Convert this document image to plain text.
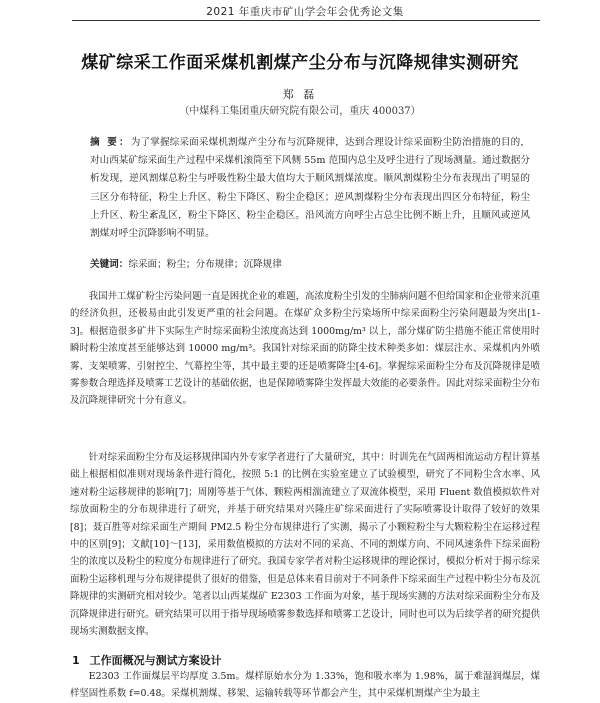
2021 年重庆市矿山学会年会优秀论文集
煤矿综采工作面采煤机割煤产尘分布与沉降规律实测研究
郑 磊
（中煤科工集团重庆研究院有限公司，重庆 400037）
摘 要：为了掌握综采面采煤机割煤产尘分布与沉降规律，达到合理设计综采面粉尘防治措施的目的，对山西某矿综采面生产过程中采煤机滚筒至下风侧 55m 范围内总尘及呼尘进行了现场测量。通过数据分析发现，逆风割煤总粉尘与呼吸性粉尘最大值均大于顺风割煤浓度。顺风割煤粉尘分布表现出了明显的三区分布特征，粉尘上升区、粉尘下降区、粉尘企稳区；逆风割煤粉尘分布表现出四区分布特征，粉尘上升区、粉尘紊乱区，粉尘下降区、粉尘企稳区。沿风流方向呼尘占总尘比例不断上升，且顺风或逆风割煤对呼尘沉降影响不明显。
关键词：综采面；粉尘；分布规律；沉降规律
我国井工煤矿粉尘污染问题一直是困扰企业的难题，高浓度粉尘引发的尘肺病问题不但给国家和企业带来沉重的经济负担，还极易由此引发更严重的社会问题。在煤矿众多粉尘污染场所中综采面粉尘污染问题最为突出[1-3]。根据造很多矿井下实际生产时综采面粉尘浓度高达到 1000mg/m³ 以上，部分煤矿防尘措施不能正常使用时瞬时粉尘浓度甚至能够达到 10000 mg/m³。我国针对综采面的防降尘技术种类多如：煤层注水、采煤机内外喷雾、支架喷雾、引射控尘、气幕控尘等，其中最主要的还是喷雾降尘[4-6]。掌握综采面粉尘分布及沉降规律是喷雾参数合理选择及喷雾工艺设计的基础依据，也是保障喷雾降尘发挥最大效能的必要条件。因此对综采面粉尘分布及沉降规律研究十分有意义。
针对综采面粉尘分布及运移规律国内外专家学者进行了大量研究，其中：时训先在气固两相流运动方程计算基础上根据相似准则对现场条件进行简化，按照 5:1 的比例在实验室建立了试验模型，研究了不同粉尘含水率、风速对粉尘运移规律的影响[7]；周刚等基于气体、颗粒两相湍流建立了双流体模型，采用 Fluent 数值模拟软件对综放面粉尘的分布规律进行了研究，并基于研究结果对兴隆庄矿综采面进行了实际喷雾设计取得了较好的效果[8]；聂百胜等对综采面生产期间 PM2.5 粉尘分布规律进行了实测，揭示了小颗粒粉尘与大颗粒粉尘在运移过程中的区别[9]；文献[10]～[13]，采用数值模拟的方法对不同的采高、不同的割煤方向、不同风速条件下综采面粉尘的浓度以及粉尘的粒度分布规律进行了研究。我国专家学者对粉尘运移规律的理论探讨，模拟分析对于揭示综采面粉尘运移机理与分布规律提供了很好的借鉴，但是总体来看目前对于不同条件下综采面生产过程中粉尘分布及沉降规律的实测研究相对较少。笔者以山西某煤矿 E2303 工作面为对象，基于现场实测的方法对综采面粉尘分布及沉降规律进行研究。研究结果可以用于指导现场喷雾参数选择和喷雾工艺设计，同时也可以为后续学者的研究提供现场实测数据支撑。
1 工作面概况与测试方案设计
E2303 工作面煤层平均厚度 3.5m。煤样原始水分为 1.33%，饱和吸水率为 1.98%，属于难湿润煤层，煤样坚固性系数 f=0.48。采煤机割煤、移架、运输转载等环节都会产生，其中采煤机割煤产尘为最主
